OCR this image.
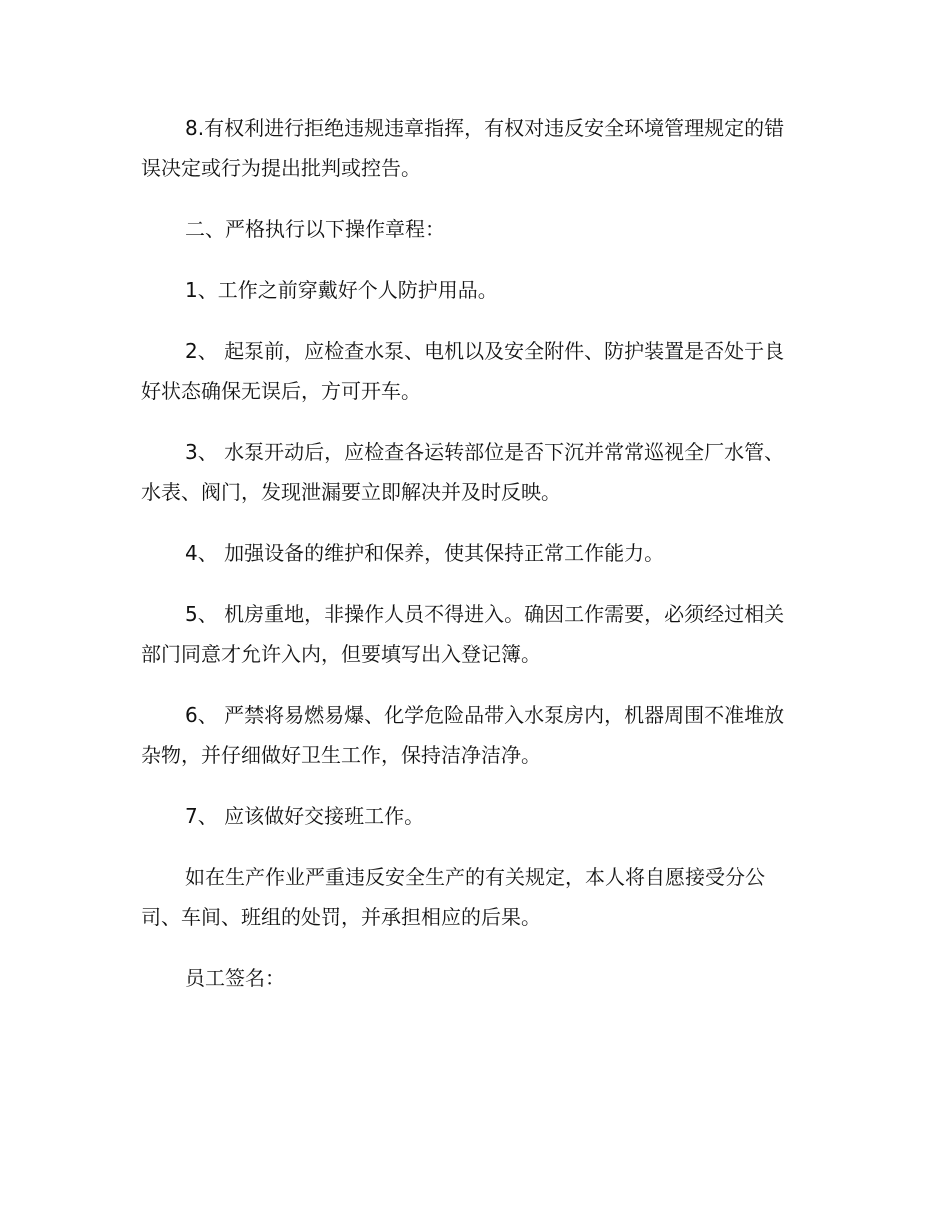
8.有权利进行拒绝违规违章指挥，有权对违反安全环境管理规定的错误决定或行为提出批判或控告。

二、严格执行以下操作章程：

1、工作之前穿戴好个人防护用品。

2、 起泵前，应检查水泵、电机以及安全附件、防护装置是否处于良好状态确保无误后，方可开车。

3、 水泵开动后，应检查各运转部位是否下沉并常常巡视全厂水管、水表、阀门，发现泄漏要立即解决并及时反映。

4、 加强设备的维护和保养，使其保持正常工作能力。

5、 机房重地，非操作人员不得进入。确因工作需要，必须经过相关部门同意才允许入内，但要填写出入登记簿。

6、 严禁将易燃易爆、化学危险品带入水泵房内，机器周围不准堆放杂物，并仔细做好卫生工作，保持洁净洁净。

7、 应该做好交接班工作。

如在生产作业严重违反安全生产的有关规定，本人将自愿接受分公司、车间、班组的处罚，并承担相应的后果。

员工签名：
